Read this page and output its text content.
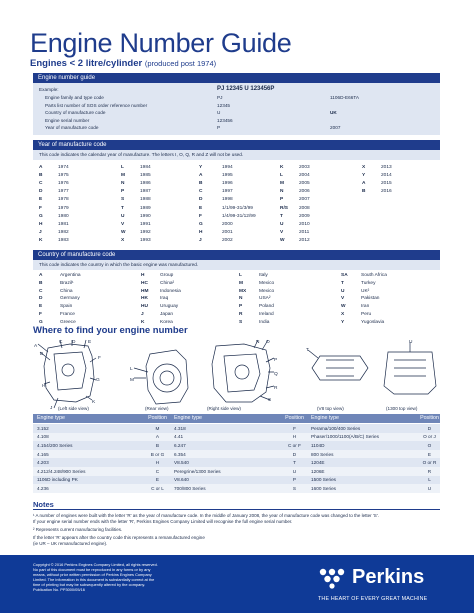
Engine Number Guide
Engines < 2 litre/cylinder (produced post 1974)
Engine number guide
Example:	PJ 12345 U 123456P
Engine family and type code	PJ	1106D-E66TA
Parts list number of SOS order reference number	12345
Country of manufacture code	U	UK
Engine serial number	123456
Year of manufacture code	P	2007
Year of manufacture code
This code indicates the calendar year of manufacture. The letters I, O, Q, R and Z will not be used.
A	1974
B	1975
C	1976
D	1977
E	1978
F	1979
G	1980
H	1981
J	1982
K	1983
L	1984
M	1985
N	1986
P	1987
S	1988
T	1989
U	1990
V	1991
W	1992
X	1993
Y	1994
A	1995
B	1996
C	1997
D	1998
E	1/1/99-31/3/99
F	1/4/99-31/12/99
G	2000
H	2001
J	2002
K	2003
L	2004
M	2005
N	2006
P	2007
R/S 2008
T	2009
U	2010
V	2011
W	2012
X	2013
Y	2014
A	2015
B	2016
Country of manufacture code
This code indicates the country in which the basic engine was manufactured.
A	Argentina
B	Brazil¹
C	China
D	Germany
E	Spain
F	France
G	Greece
H	Group
HC	China²
HM Indonesia
HK	Iraq
HU	Uruguay
J	Japan
K	Korea
L	Italy
M	Mexico
MX	Mexico
N	USA²
P	Poland
R	Ireland
S	India
SA	South Africa
T	Turkey
U	UK²
V	Pakistan
W	Iran
X	Peru
Y	Yugoslavia
Where to find your engine number
A
B
C D	E
F
G
H
J
K
L
M
N O
P
Q
R
S
T
U
(Left side view)	(Rear view)	(Right side view)	(V8 top view)	(1300 top view)
Engine type	Position	Engine type	Position	Engine type	Position
3.152	M	4.318	F	Perama/100/400 Series	D
4.108	A	4.41	H	Phaser/1000/1100(A/B/C) Series	O or J
4.154/200 Series	B	6.247	C or F	1104D	O
4.165	B or G	6.354	D	800 Series	E
4.203	H	V8.540	T	1204E	O or R
4.212/4.248/900 Series	C	Peregrine/1300 Series	U	1206E	R
1106D including PK	E	V8.640	P	1500 Series	L
4.236	C or L	700/800 Series	S	1600 Series	U
Notes
¹ A number of engines were built with the letter 'R' as the year of manufacture code. In the middle of January 2008, the year of manufacture code was changed to the letter 'S'.
If your engine serial number ends with the letter 'R', Perkins Engines Company Limited will recognise the full engine serial number.
² Represents current manufacturing facilities.
If the letter 'R' appears after the country code this represents a remanufactured engine
(ie UR – UK remanufactured engine).
Copyright © 2016 Perkins Engines Company Limited, all rights reserved.
No part of this document must be reproduced in any forms or by any
means, without prior written permission of Perkins Engines Company
Limited. The information in this document is substantially correct at the
time of printing but may be subsequently altered by the company.
Publication No. PP3000/05/16
Perkins
THE HEART OF EVERY GREAT MACHINE
